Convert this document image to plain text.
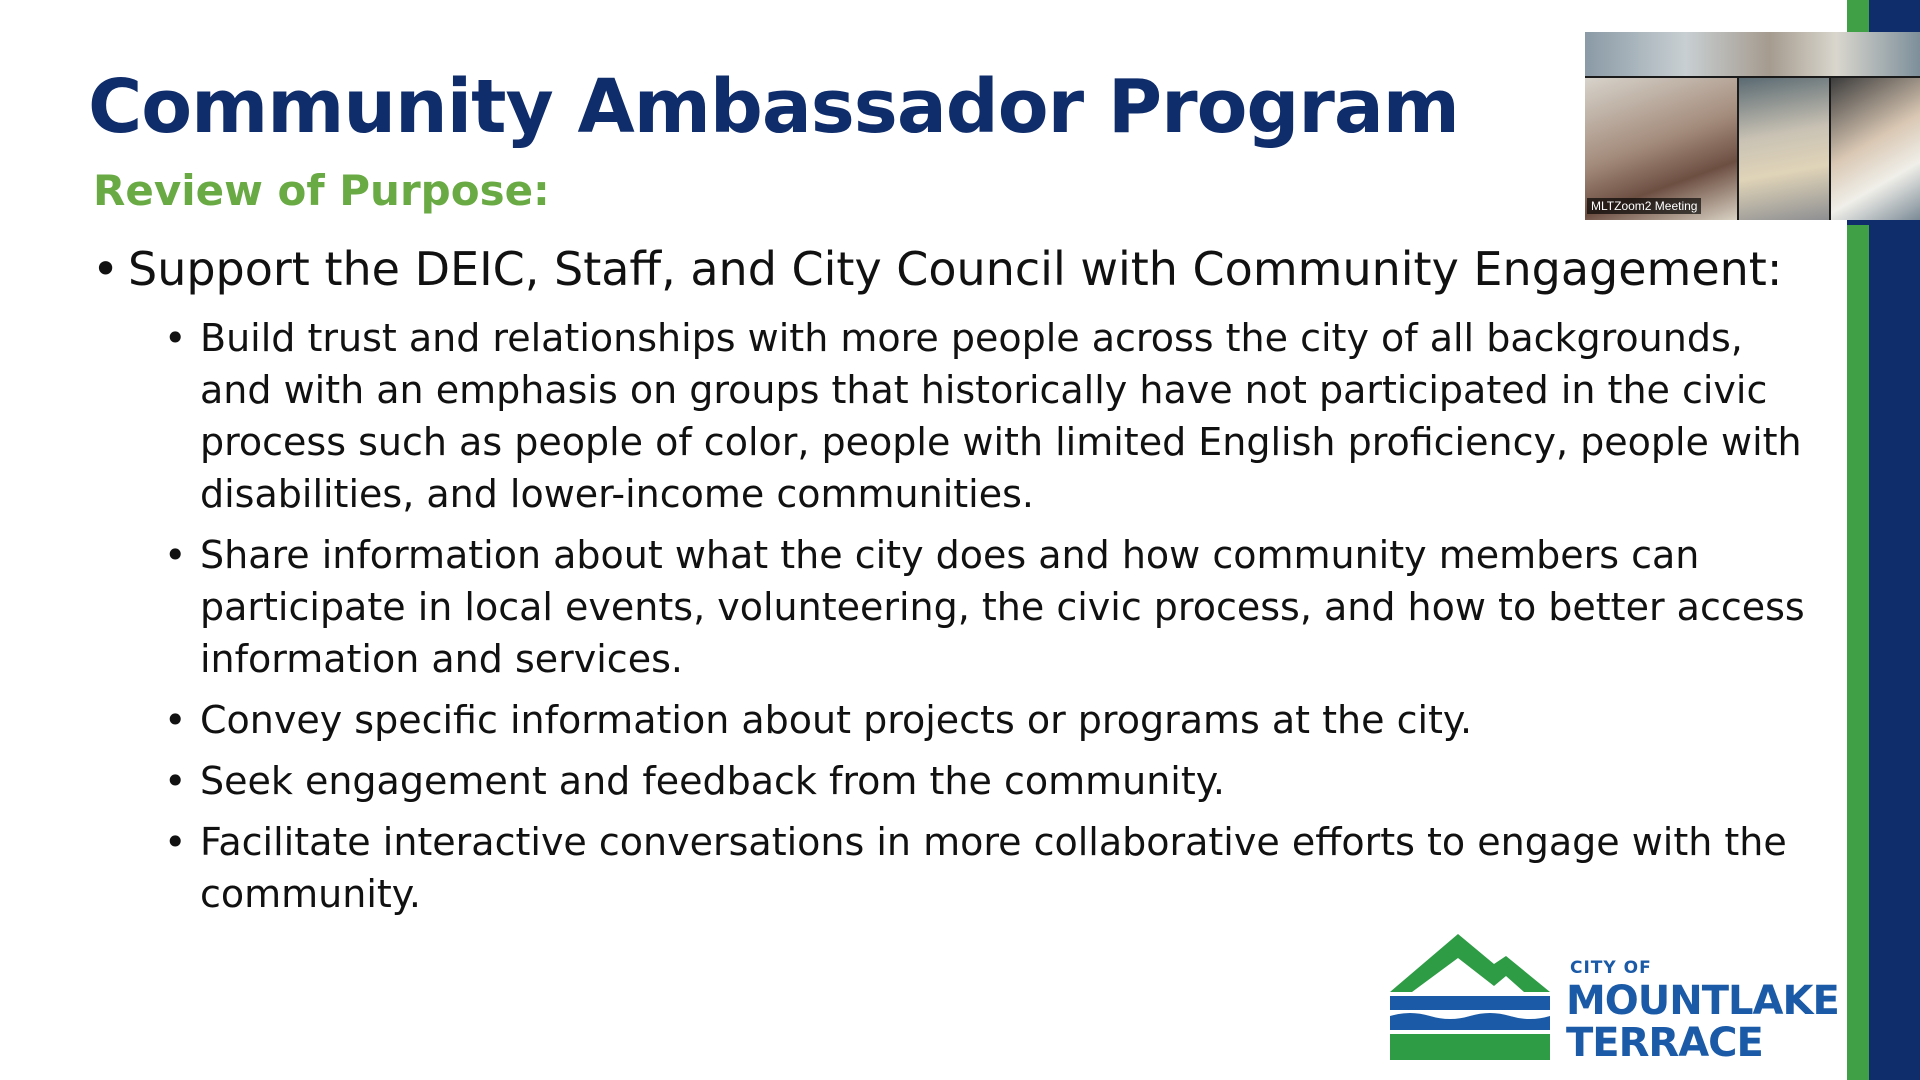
Community Ambassador Program
Review of Purpose:
• Support the DEIC, Staff, and City Council with Community Engagement:
• Build trust and relationships with more people across the city of all backgrounds, and with an emphasis on groups that historically have not participated in the civic process such as people of color, people with limited English proficiency, people with disabilities, and lower-income communities.
• Share information about what the city does and how community members can participate in local events, volunteering, the civic process, and how to better access information and services.
• Convey specific information about projects or programs at the city.
• Seek engagement and feedback from the community.
• Facilitate interactive conversations in more collaborative efforts to engage with the community.
CITY OF
MOUNTLAKE
TERRACE
MLTZoom2 Meeting
